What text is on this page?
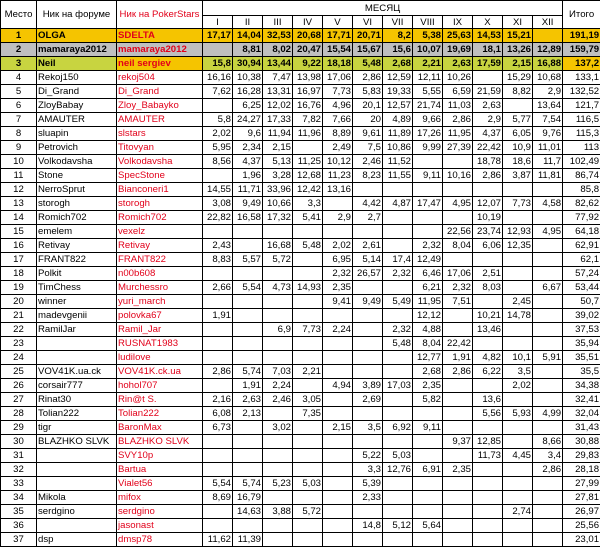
Место	Ник на форуме	Ник на PokerStars	МЕСЯЦ												Итого
			I	II	III	IV	V	VI	VII	VIII	IX	X	XI	XII	
1	OLGA	SDELTA	17,17	14,04	32,53	20,68	17,71	20,71	8,2	5,38	25,63	14,53	15,21		191,19
2	mamaraya2012	mamaraya2012		8,81	8,02	20,47	15,54	15,67	15,6	10,07	19,69	18,1	13,26	12,89	159,79
3	Neil	neil sergiev	15,8	30,94	13,44	9,22	18,18	5,48	2,68	2,21	2,63	17,59	2,15	16,88	137,2
4	Rekoj150	rekoj504	16,16	10,38	7,47	13,98	17,06	2,86	12,59	12,11	10,26		15,29	10,68	133,1
5	Di_Grand	Di_Grand	7,62	16,28	13,31	16,97	7,73	5,83	19,33	5,55	6,59	21,59	8,82	2,9	132,52
6	ZloyBabay	Zloy_Babayko		6,25	12,02	16,76	4,96	20,1	12,57	21,74	11,03	2,63		13,64	121,7
7	AMAUTER	AMAUTER	5,8	24,27	17,33	7,82	7,66	20	4,89	9,66	2,86	2,9	5,77	7,54	116,5
8	sluapin	slstars	2,02	9,6	11,94	11,96	8,89	9,61	11,89	17,26	11,95	4,37	6,05	9,76	115,3
9	Petrovich	Titovyan	5,95	2,34	2,15		2,49	7,5	10,86	9,99	27,39	22,42	10,9	11,01	113
10	Volkodavsha	Volkodavsha	8,56	4,37	5,13	11,25	10,12	2,46	11,52			18,78	18,6	11,7	102,49
11	Stone	SpecStone		1,96	3,28	12,68	11,23	8,23	11,55	9,11	10,16	2,86	3,87	11,81	86,74
12	NerroSprut	Bianconeri1	14,55	11,71	33,96	12,42	13,16								85,8
13	storogh	storogh	3,08	9,49	10,66	3,3		4,42	4,87	17,47	4,95	12,07	7,73	4,58	82,62
14	Romich702	Romich702	22,82	16,58	17,32	5,41	2,9	2,7				10,19			77,92
15	emelem	vexelz									22,56	23,74	12,93	4,95	64,18
16	Retivay	Retivay	2,43		16,68	5,48	2,02	2,61		2,32	8,04	6,06	12,35		62,91
17	FRANT822	FRANT822	8,83	5,57	5,72		6,95	5,14	17,4	12,49					62,1
18	Polkit	n00b608					2,32	26,57	2,32	6,46	17,06	2,51			57,24
19	TimChess	Murchessro	2,66	5,54	4,73	14,93	2,35			6,21	2,32	8,03		6,67	53,44
20	winner	yuri_march					9,41	9,49	5,49	11,95	7,51		2,45		50,7
21	madevgenii	polovka67	1,91							12,12		10,21	14,78		39,02
22	RamilJar	Ramil_Jar			6,9	7,73	2,24		2,32	4,88		13,46			37,53
23		RUSNAT1983							5,48	8,04	22,42				35,94
24		ludilove								12,77	1,91	4,82	10,1	5,91	35,51
25	VOV41K.ua.ck	VOV41K.ck.ua	2,86	5,74	7,03	2,21				2,68	2,86	6,22	3,5		35,5
26	corsair777	hohol707		1,91	2,24		4,94	3,89	17,03	2,35			2,02		34,38
27	Rinat30	Rin@t S.	2,16	2,63	2,46	3,05		2,69		5,82		13,6			32,41
28	Tolian222	Tolian222	6,08	2,13		7,35						5,56	5,93	4,99	32,04
29	tigr	BaronMax	6,73		3,02		2,15	3,5	6,92	9,11					31,43
30	BLAZHKO SLVK	BLAZHKO SLVK									9,37	12,85		8,66	30,88
31		SVY10p						5,22	5,03			11,73	4,45	3,4	29,83
32		Bartua						3,3	12,76	6,91	2,35			2,86	28,18
33		Vialet56	5,54	5,74	5,23	5,03		5,39							27,99
34	Mikola	mifox	8,69	16,79				2,33							27,81
35	serdgino	serdgino		14,63	3,88	5,72							2,74		26,97
36		jasonast						14,8	5,12	5,64					25,56
37	dsp	dmsp78	11,62	11,39											23,01
